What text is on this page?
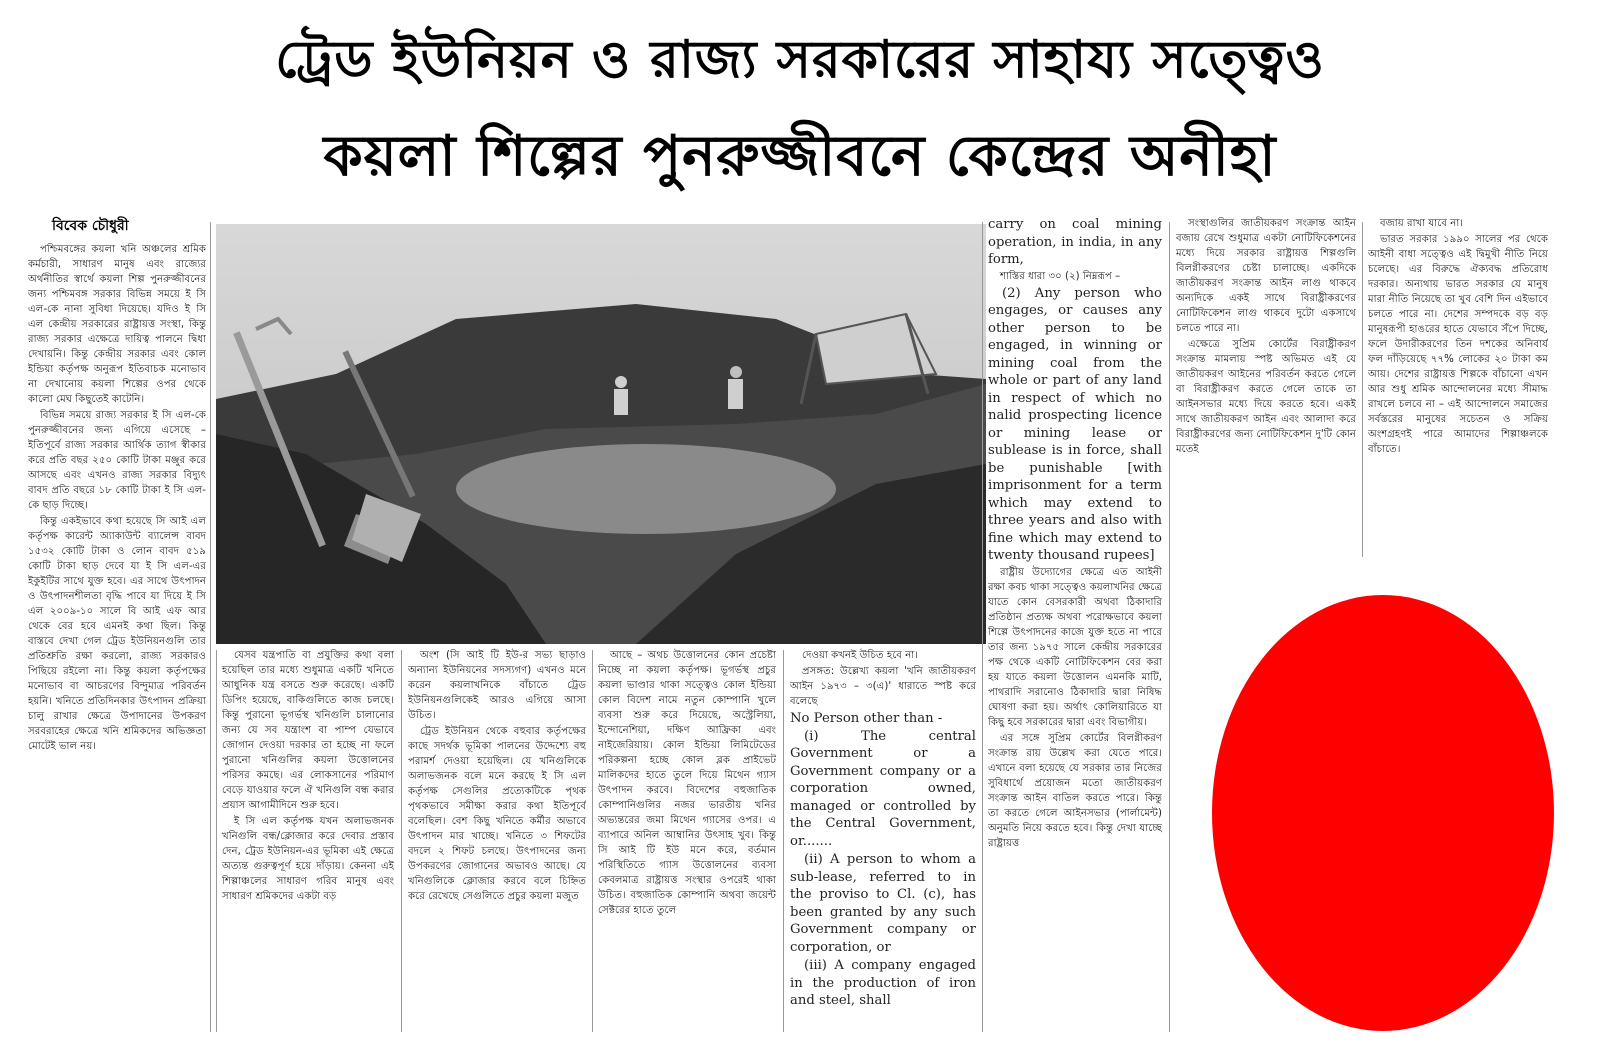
ট্রেড ইউনিয়ন ও রাজ্য সরকারের সাহায্য সত্ত্বেও
কয়লা শিল্পের পুনরুজ্জীবনে কেন্দ্রের অনীহা
বিবেক চৌধুরী

পশ্চিমবঙ্গের কয়লা খনি অঞ্চলের শ্রমিক কর্মচারী, সাধারণ মানুষ এবং রাজ্যের অর্থনীতির স্বার্থে কয়লা শিল্প পুনরুজ্জীবনের জন্য পশ্চিমবঙ্গ সরকার বিভিন্ন সময়ে ই সি এল-কে নানা সুবিধা দিয়েছে। যদিও ই সি এল কেন্দ্রীয় সরকারের রাষ্ট্রায়ত্ত সংস্থা, কিন্তু রাজ্য সরকার এক্ষেত্রে দায়িত্ব পালনে দ্বিধা দেখায়নি। কিন্তু কেন্দ্রীয় সরকার এবং কোল ইন্ডিয়া কর্তৃপক্ষ অনুরূপ ইতিবাচক মনোভাব না দেখানোয় কয়লা শিল্পের ওপর থেকে কালো মেঘ কিছুতেই কাটেনি।

বিভিন্ন সময়ে রাজ্য সরকার ই সি এল-কে পুনরুজ্জীবনের জন্য এগিয়ে এসেছে – ইতিপূর্বে রাজ্য সরকার আর্থিক ত্যাগ স্বীকার করে প্রতি বছর ২৫০ কোটি টাকা মঞ্জুর করে আসছে এবং এখনও রাজ্য সরকার বিদ্যুৎ বাবদ প্রতি বছরে ১৮ কোটি টাকা ই সি এল-কে ছাড় দিচ্ছে।

কিন্তু একইভাবে কথা হয়েছে সি আই এল কর্তৃপক্ষ কারেন্ট অ্যাকাউন্ট ব্যালেন্স বাবদ ১৫৩২ কোটি টাকা ও লোন বাবদ ৫১৯ কোটি টাকা ছাড় দেবে যা ই সি এল-এর ইকুইটির সাথে যুক্ত হবে। এর সাথে উৎপাদন ও উৎপাদনশীলতা বৃদ্ধি পাবে যা দিয়ে ই সি এল ২০০৯-১০ সালে বি আই এফ আর থেকে বের হবে এমনই কথা ছিল। কিন্তু বাস্তবে দেখা গেল ট্রেড ইউনিয়নগুলি তার প্রতিশ্রুতি রক্ষা করলো, রাজ্য সরকারও পিছিয়ে রইলো না। কিন্তু কয়লা কর্তৃপক্ষের মনোভাব বা আচরণের বিন্দুমাত্র পরিবর্তন হয়নি। খনিতে প্রতিদিনকার উৎপাদন প্রক্রিয়া চালু রাখার ক্ষেত্রে উপাদানের উপকরণ সরবরাহের ক্ষেত্রে খনি শ্রমিকদের অভিজ্ঞতা মোটেই ভাল নয়।

যেসব যন্ত্রপাতি বা প্রযুক্তির কথা বলা হয়েছিল তার মধ্যে শুধুমাত্র একটি খনিতে আধুনিক যন্ত্র বসতে শুরু করেছে। একটি ডিপিং হয়েছে, বাকিগুলিতে কাজ চলছে। কিন্তু পুরানো ভূগর্ভস্থ খনিগুলি চালানোর জন্য যে সব যন্ত্রাংশ বা পাম্প যেভাবে জোগান দেওয়া দরকার তা হচ্ছে না ফলে পুরানো খনিগুলির কয়লা উত্তোলনের পরিসর কমছে। এর লোকসানের পরিমাণ বেড়ে যাওয়ার ফলে ঐ খনিগুলি বন্ধ করার প্রয়াস আগামীদিনে শুরু হবে।

ই সি এল কর্তৃপক্ষ যখন অলাভজনক খনিগুলি বন্ধ/ক্লোজার করে দেবার প্রস্তাব দেন, ট্রেড ইউনিয়ন-এর ভূমিকা এই ক্ষেত্রে অত্যন্ত গুরুত্বপূর্ণ হয়ে দাঁড়ায়। কেননা এই শিল্পাঞ্চলের সাধারণ গরিব মানুষ এবং সাধারণ শ্রমিকদের একটা বড়

অংশ (সি আই টি ইউ-র সভ্য ছাড়াও অন্যান্য ইউনিয়নের সদস্যগণ) এখনও মনে করেন কয়লাখনিকে বাঁচাতে ট্রেড ইউনিয়নগুলিকেই আরও এগিয়ে আসা উচিত।

ট্রেড ইউনিয়ন থেকে বহুবার কর্তৃপক্ষের কাছে সদর্থক ভূমিকা পালনের উদ্দেশ্যে বহু পরামর্শ দেওয়া হয়েছিল। যে খনিগুলিকে অলাভজনক বলে মনে করছে ই সি এল কর্তৃপক্ষ সেগুলির প্রত্যেকটিকে পৃথক পৃথকভাবে সমীক্ষা করার কথা ইতিপূর্বে বলেছিল। বেশ কিছু খনিতে কর্মীর অভাবে উৎপাদন মার খাচ্ছে। খনিতে ৩ শিফটের বদলে ২ শিফট চলছে। উৎপাদনের জন্য উপকরণের জোগানের অভাবও আছে। যে খনিগুলিকে ক্লোজার করবে বলে চিহ্নিত করে রেখেছে সেগুলিতে প্রচুর কয়লা মজুত

আছে – অথচ উত্তোলনের কোন প্রচেষ্টা নিচ্ছে না কয়লা কর্তৃপক্ষ। ভূগর্ভস্থ প্রচুর কয়লা ভাণ্ডার থাকা সত্ত্বেও কোল ইন্ডিয়া কোল বিদেশ নামে নতুন কোম্পানি খুলে ব্যবসা শুরু করে দিয়েছে, অস্ট্রেলিয়া, ইন্দোনেশিয়া, দক্ষিণ আফ্রিকা এবং নাইজেরিয়ায়। কোল ইন্ডিয়া লিমিটেডের পরিকল্পনা হচ্ছে কোল ব্লক প্রাইভেট মালিকদের হাতে তুলে দিয়ে মিথেন গ্যাস উৎপাদন করবে। বিদেশের বহুজাতিক কোম্পানিগুলির নজর ভারতীয় খনির অভ্যন্তরের জমা মিথেন গ্যাসের ওপর। এ ব্যাপারে অনিল আম্বানির উৎসাহ খুব। কিন্তু সি আই টি ইউ মনে করে, বর্তমান পরিস্থিতিতে গ্যাস উত্তোলনের ব্যবসা কেবলমাত্র রাষ্ট্রায়ত্ত সংস্থার ওপরেই থাকা উচিত। বহুজাতিক কোম্পানি অথবা জয়েন্ট সেক্টরের হাতে তুলে

দেওয়া কখনই উচিত হবে না।

প্রসঙ্গত: উল্লেখ্য কয়লা 'খনি জাতীয়করণ আইন ১৯৭৩ – ৩(এ)' ধারাতে স্পষ্ট করে বলেছে

No Person other than -

(i) The central Government or a Government company or a corporation owned, managed or controlled by the Central Government, or.......

(ii) A person to whom a sub-lease, referred to in the proviso to Cl. (c), has been granted by any such Government company or corporation, or

(iii) A company engaged in the production of iron and steel, shall

carry on coal mining operation, in india, in any form,

শাস্তির ধারা ৩০ (২) নিম্নরূপ –

(2) Any person who engages, or causes any other person to be engaged, in winning or mining coal from the whole or part of any land in respect of which no nalid prospecting licence or mining lease or sublease is in force, shall be punishable [with imprisonment for a term which may extend to three years and also with fine which may extend to twenty thousand rupees]

রাষ্ট্রীয় উদ্যোগের ক্ষেত্রে এত আইনী রক্ষা কবচ থাকা সত্ত্বেও কয়লাখনির ক্ষেত্রে যাতে কোন বেসরকারী অথবা ঠিকাদারি প্রতিষ্ঠান প্রত্যক্ষ অথবা পরোক্ষভাবে কয়লা শিল্পে উৎপাদনের কাজে যুক্ত হতে না পারে তার জন্য ১৯৭৫ সালে কেন্দ্রীয় সরকারের পক্ষ থেকে একটি নোটিফিকেশন বের করা হয় যাতে কয়লা উত্তোলন এমনকি মাটি, পাথরাদি সরানোও ঠিকাদারি দ্বারা নিষিদ্ধ ঘোষণা করা হয়। অর্থাৎ কোলিয়ারিতে যা কিছু হবে সরকারের দ্বারা এবং বিভাগীয়।

এর সঙ্গে সুপ্রিম কোর্টের বিলগ্নীকরণ সংক্রান্ত রায় উল্লেখ করা যেতে পারে। এখানে বলা হয়েছে যে সরকার তার নিজের সুবিধার্থে প্রয়োজন মতো জাতীয়করণ সংক্রান্ত আইন বাতিল করতে পারে। কিন্তু তা করতে গেলে আইনসভার (পার্লামেন্ট) অনুমতি নিয়ে করতে হবে। কিন্তু দেখা যাচ্ছে রাষ্ট্রায়ত্ত

সংস্থাগুলির জাতীয়করণ সংক্রান্ত আইন বজায় রেখে শুধুমাত্র একটা নোটিফিকেশনের মধ্যে দিয়ে সরকার রাষ্ট্রায়ত্ত শিল্পগুলি বিলগ্নীকরণের চেষ্টা চালাচ্ছে। একদিকে জাতীয়করণ সংক্রান্ত আইন লাগু থাকবে অন্যদিকে একই সাথে বিরাষ্ট্রীকরণের নোটিফিকেশন লাগু থাকবে দুটো একসাথে চলতে পারে না।

এক্ষেত্রে সুপ্রিম কোর্টের বিরাষ্ট্রীকরণ সংক্রান্ত মামলায় স্পষ্ট অভিমত এই যে জাতীয়করণ আইনের পরিবর্তন করতে গেলে বা বিরাষ্ট্রীকরণ করতে গেলে তাকে তা আইনসভার মধ্যে দিয়ে করতে হবে। একই সাথে জাতীয়করণ আইন এবং আলাদা করে বিরাষ্ট্রীকরণের জন্য নোটিফিকেশন দু'টি কোন মতেই

বজায় রাখা যাবে না।

ভারত সরকার ১৯৯০ সালের পর থেকে আইনী বাধা সত্ত্বেও এই দ্বিমুখী নীতি নিয়ে চলেছে। এর বিরুদ্ধে ঐক্যবদ্ধ প্রতিরোধ দরকার। অন্যথায় ভারত সরকার যে মানুষ মারা নীতি নিয়েছে তা খুব বেশি দিন এইভাবে চলতে পারে না। দেশের সম্পদকে বড় বড় মানুষরূপী হাঙরের হাতে যেভাবে সঁপে দিচ্ছে, ফলে উদারীকরণের তিন দশকের অনিবার্য ফল দাঁড়িয়েছে ৭৭% লোকের ২০ টাকা কম আয়। দেশের রাষ্ট্রায়ত্ত শিল্পকে বাঁচানো এখন আর শুধু শ্রমিক আন্দোলনের মধ্যে সীমাদ্ধ রাখলে চলবে না – এই আন্দোলনে সমাজের সর্বস্তরের মানুষের সচেতন ও সক্রিয় অংশগ্রহণই পারে আমাদের শিল্পাঞ্চলকে বাঁচাতে।
